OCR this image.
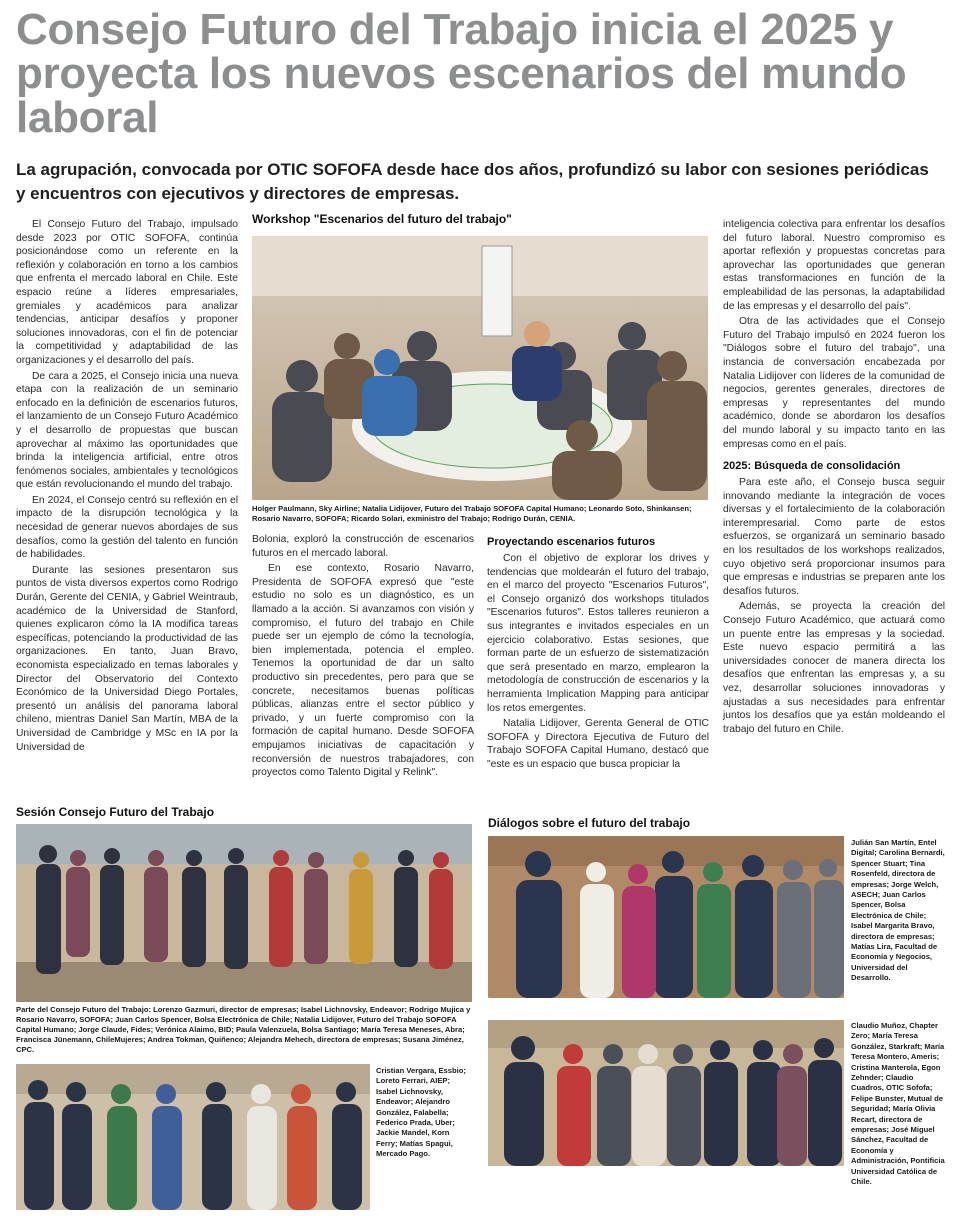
Consejo Futuro del Trabajo inicia el 2025 y proyecta los nuevos escenarios del mundo laboral
La agrupación, convocada por OTIC SOFOFA desde hace dos años, profundizó su labor con sesiones periódicas y encuentros con ejecutivos y directores de empresas.

El Consejo Futuro del Trabajo, impulsado desde 2023 por OTIC SOFOFA, continúa posicionándose como un referente en la reflexión y colaboración en torno a los cambios que enfrenta el mercado laboral en Chile. Este espacio reúne a líderes empresariales, gremiales y académicos para analizar tendencias, anticipar desafíos y proponer soluciones innovadoras, con el fin de potenciar la competitividad y adaptabilidad de las organizaciones y el desarrollo del país.

De cara a 2025, el Consejo inicia una nueva etapa con la realización de un seminario enfocado en la definición de escenarios futuros, el lanzamiento de un Consejo Futuro Académico y el desarrollo de propuestas que buscan aprovechar al máximo las oportunidades que brinda la inteligencia artificial, entre otros fenómenos sociales, ambientales y tecnológicos que están revolucionando el mundo del trabajo.

En 2024, el Consejo centró su reflexión en el impacto de la disrupción tecnológica y la necesidad de generar nuevos abordajes de sus desafíos, como la gestión del talento en función de habilidades.

Durante las sesiones presentaron sus puntos de vista diversos expertos como Rodrigo Durán, Gerente del CENIA, y Gabriel Weintraub, académico de la Universidad de Stanford, quienes explicaron cómo la IA modifica tareas específicas, potenciando la productividad de las organizaciones. En tanto, Juan Bravo, economista especializado en temas laborales y Director del Observatorio del Contexto Económico de la Universidad Diego Portales, presentó un análisis del panorama laboral chileno, mientras Daniel San Martín, MBA de la Universidad de Cambridge y MSc en IA por la Universidad de

Workshop "Escenarios del futuro del trabajo"
Holger Paulmann, Sky Airline; Natalia Lidijover, Futuro del Trabajo SOFOFA Capital Humano; Leonardo Soto, Shinkansen; Rosario Navarro, SOFOFA; Ricardo Solari, exministro del Trabajo; Rodrigo Durán, CENIA.

Bolonia, exploró la construcción de escenarios futuros en el mercado laboral.

En ese contexto, Rosario Navarro, Presidenta de SOFOFA expresó que "este estudio no solo es un diagnóstico, es un llamado a la acción. Si avanzamos con visión y compromiso, el futuro del trabajo en Chile puede ser un ejemplo de cómo la tecnología, bien implementada, potencia el empleo. Tenemos la oportunidad de dar un salto productivo sin precedentes, pero para que se concrete, necesitamos buenas políticas públicas, alianzas entre el sector público y privado, y un fuerte compromiso con la formación de capital humano. Desde SOFOFA empujamos iniciativas de capacitación y reconversión de nuestros trabajadores, con proyectos como Talento Digital y Relink".

Proyectando escenarios futuros

Con el objetivo de explorar los drives y tendencias que moldearán el futuro del trabajo, en el marco del proyecto "Escenarios Futuros", el Consejo organizó dos workshops titulados "Escenarios futuros". Estos talleres reunieron a sus integrantes e invitados especiales en un ejercicio colaborativo. Estas sesiones, que forman parte de un esfuerzo de sistematización que será presentado en marzo, emplearon la metodología de construcción de escenarios y la herramienta Implication Mapping para anticipar los retos emergentes.

Natalia Lidijover, Gerenta General de OTIC SOFOFA y Directora Ejecutiva de Futuro del Trabajo SOFOFA Capital Humano, destacó que "este es un espacio que busca propiciar la

inteligencia colectiva para enfrentar los desafíos del futuro laboral. Nuestro compromiso es aportar reflexión y propuestas concretas para aprovechar las oportunidades que generan estas transformaciones en función de la empleabilidad de las personas, la adaptabilidad de las empresas y el desarrollo del país".

Otra de las actividades que el Consejo Futuro del Trabajo impulsó en 2024 fueron los "Diálogos sobre el futuro del trabajo", una instancia de conversación encabezada por Natalia Lidijover con líderes de la comunidad de negocios, gerentes generales, directores de empresas y representantes del mundo académico, donde se abordaron los desafíos del mundo laboral y su impacto tanto en las empresas como en el país.

2025: Búsqueda de consolidación

Para este año, el Consejo busca seguir innovando mediante la integración de voces diversas y el fortalecimiento de la colaboración interempresarial. Como parte de estos esfuerzos, se organizará un seminario basado en los resultados de los workshops realizados, cuyo objetivo será proporcionar insumos para que empresas e industrias se preparen ante los desafíos futuros.

Además, se proyecta la creación del Consejo Futuro Académico, que actuará como un puente entre las empresas y la sociedad. Este nuevo espacio permitirá a las universidades conocer de manera directa los desafíos que enfrentan las empresas y, a su vez, desarrollar soluciones innovadoras y ajustadas a sus necesidades para enfrentar juntos los desafíos que ya están moldeando el trabajo del futuro en Chile.

Sesión Consejo Futuro del Trabajo
Parte del Consejo Futuro del Trabajo: Lorenzo Gazmuri, director de empresas; Isabel Lichnovsky, Endeavor; Rodrigo Mujica y Rosario Navarro, SOFOFA; Juan Carlos Spencer, Bolsa Electrónica de Chile; Natalia Lidijover, Futuro del Trabajo SOFOFA Capital Humano; Jorge Claude, Fides; Verónica Alaimo, BID; Paula Valenzuela, Bolsa Santiago; María Teresa Meneses, Abra; Francisca Jünemann, ChileMujeres; Andrea Tokman, Quiñenco; Alejandra Mehech, directora de empresas; Susana Jiménez, CPC.
Cristian Vergara, Essbio; Loreto Ferrari, AIEP; Isabel Lichnovsky, Endeavor; Alejandro González, Falabella; Federico Prada, Uber; Jackie Mandel, Korn Ferry; Matías Spagui, Mercado Pago.
Diálogos sobre el futuro del trabajo
Julián San Martín, Entel Digital; Carolina Bernardi, Spencer Stuart; Tina Rosenfeld, directora de empresas; Jorge Welch, ASECH; Juan Carlos Spencer, Bolsa Electrónica de Chile; Isabel Margarita Bravo, directora de empresas; Matías Lira, Facultad de Economía y Negocios, Universidad del Desarrollo.
Claudio Muñoz, Chapter Zero; María Teresa González, Starkraft; María Teresa Montero, Ameris; Cristina Manterola, Egon Zehnder; Claudio Cuadros, OTIC Sofofa; Felipe Bunster, Mutual de Seguridad; María Olivia Recart, directora de empresas; José Miguel Sánchez, Facultad de Economía y Administración, Pontificia Universidad Católica de Chile.
